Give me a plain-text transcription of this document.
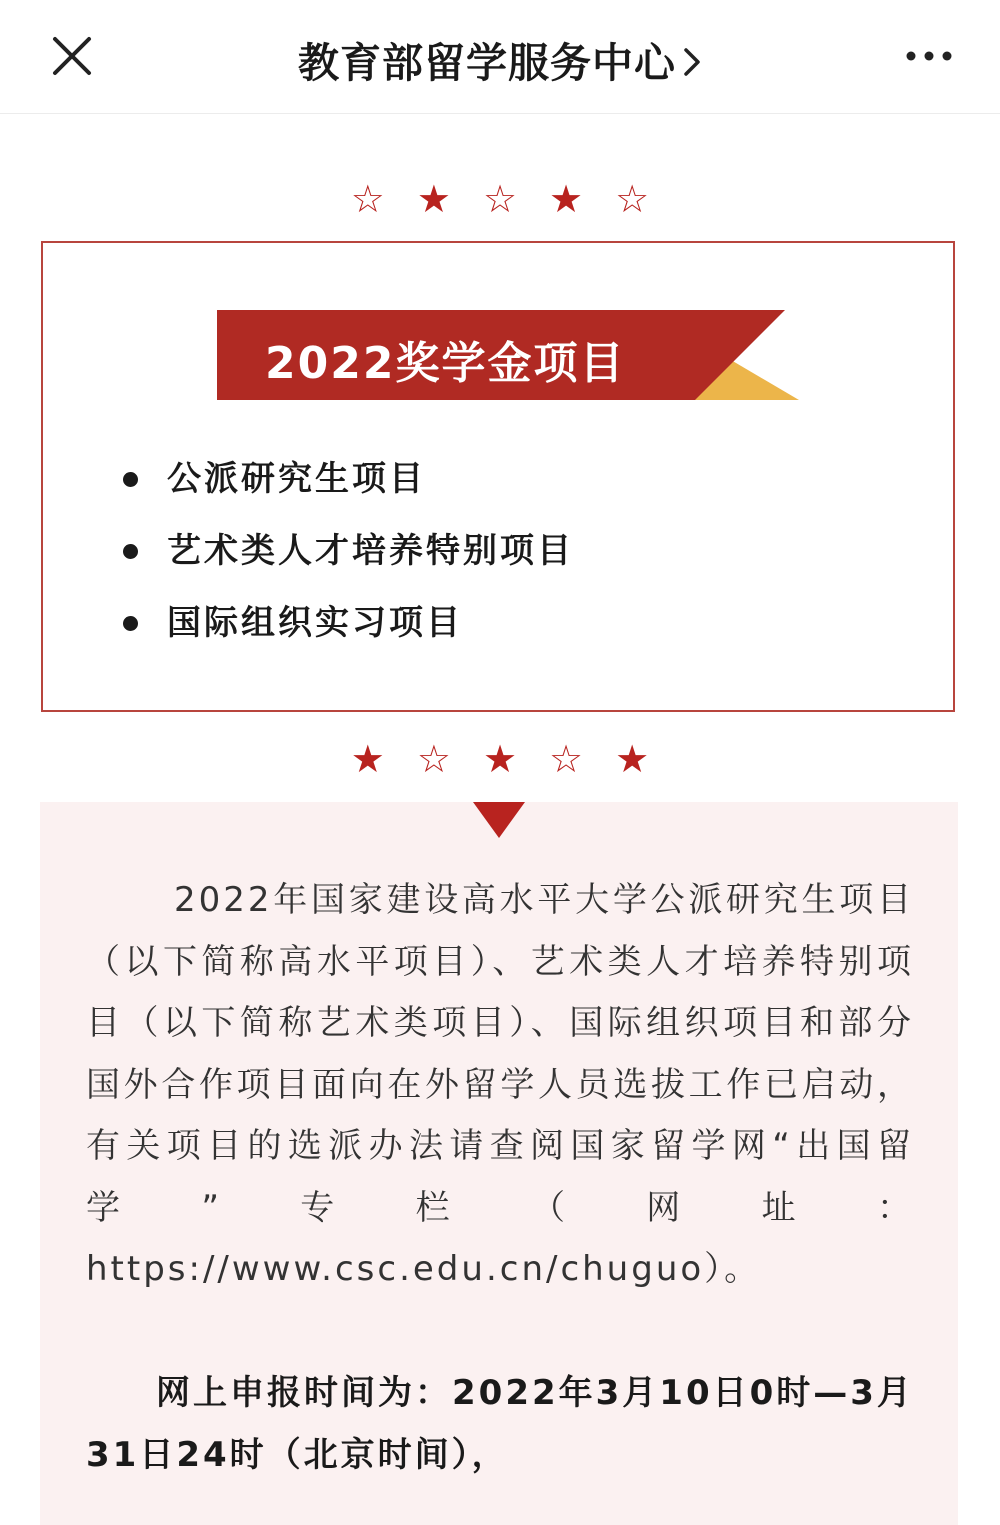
教育部留学服务中心
☆ ★ ☆ ★ ☆
2022奖学金项目
公派研究生项目
艺术类人才培养特别项目
国际组织实习项目
★ ☆ ★ ☆ ★

2022年国家建设高水平大学公派研究生项目（以下简称高水平项目）、艺术类人才培养特别项目（以下简称艺术类项目）、国际组织项目和部分国外合作项目面向在外留学人员选拔工作已启动，有关项目的选派办法请查阅国家留学网“出国留学”专栏（网址：https://www.csc.edu.cn/chuguo）。

网上申报时间为：2022年3月10日0时—3月31日24时（北京时间），
